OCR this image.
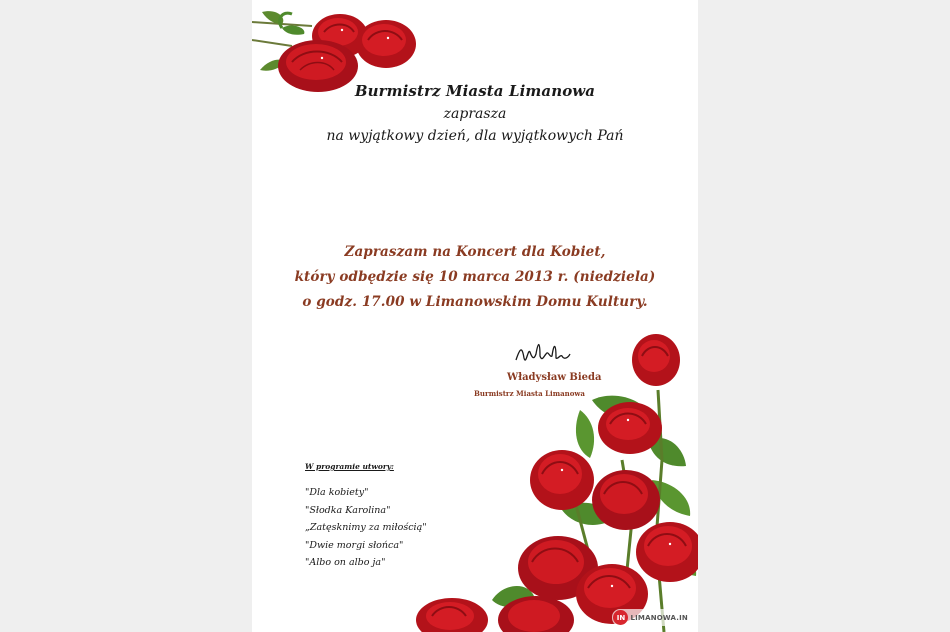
Burmistrz Miasta Limanowa
zaprasza
na wyjątkowy dzień, dla wyjątkowych Pań
Zapraszam na Koncert dla Kobiet,
który odbędzie się 10 marca 2013 r. (niedziela)
o godz. 17.00 w Limanowskim Domu Kultury.
Władysław Bieda
Burmistrz Miasta Limanowa
W programie utwory:
"Dla kobiety"
"Słodka Karolina"
„Zatęsknimy za miłością"
"Dwie morgi słońca"
"Albo on albo ja"
IN LIMANOWA.IN
